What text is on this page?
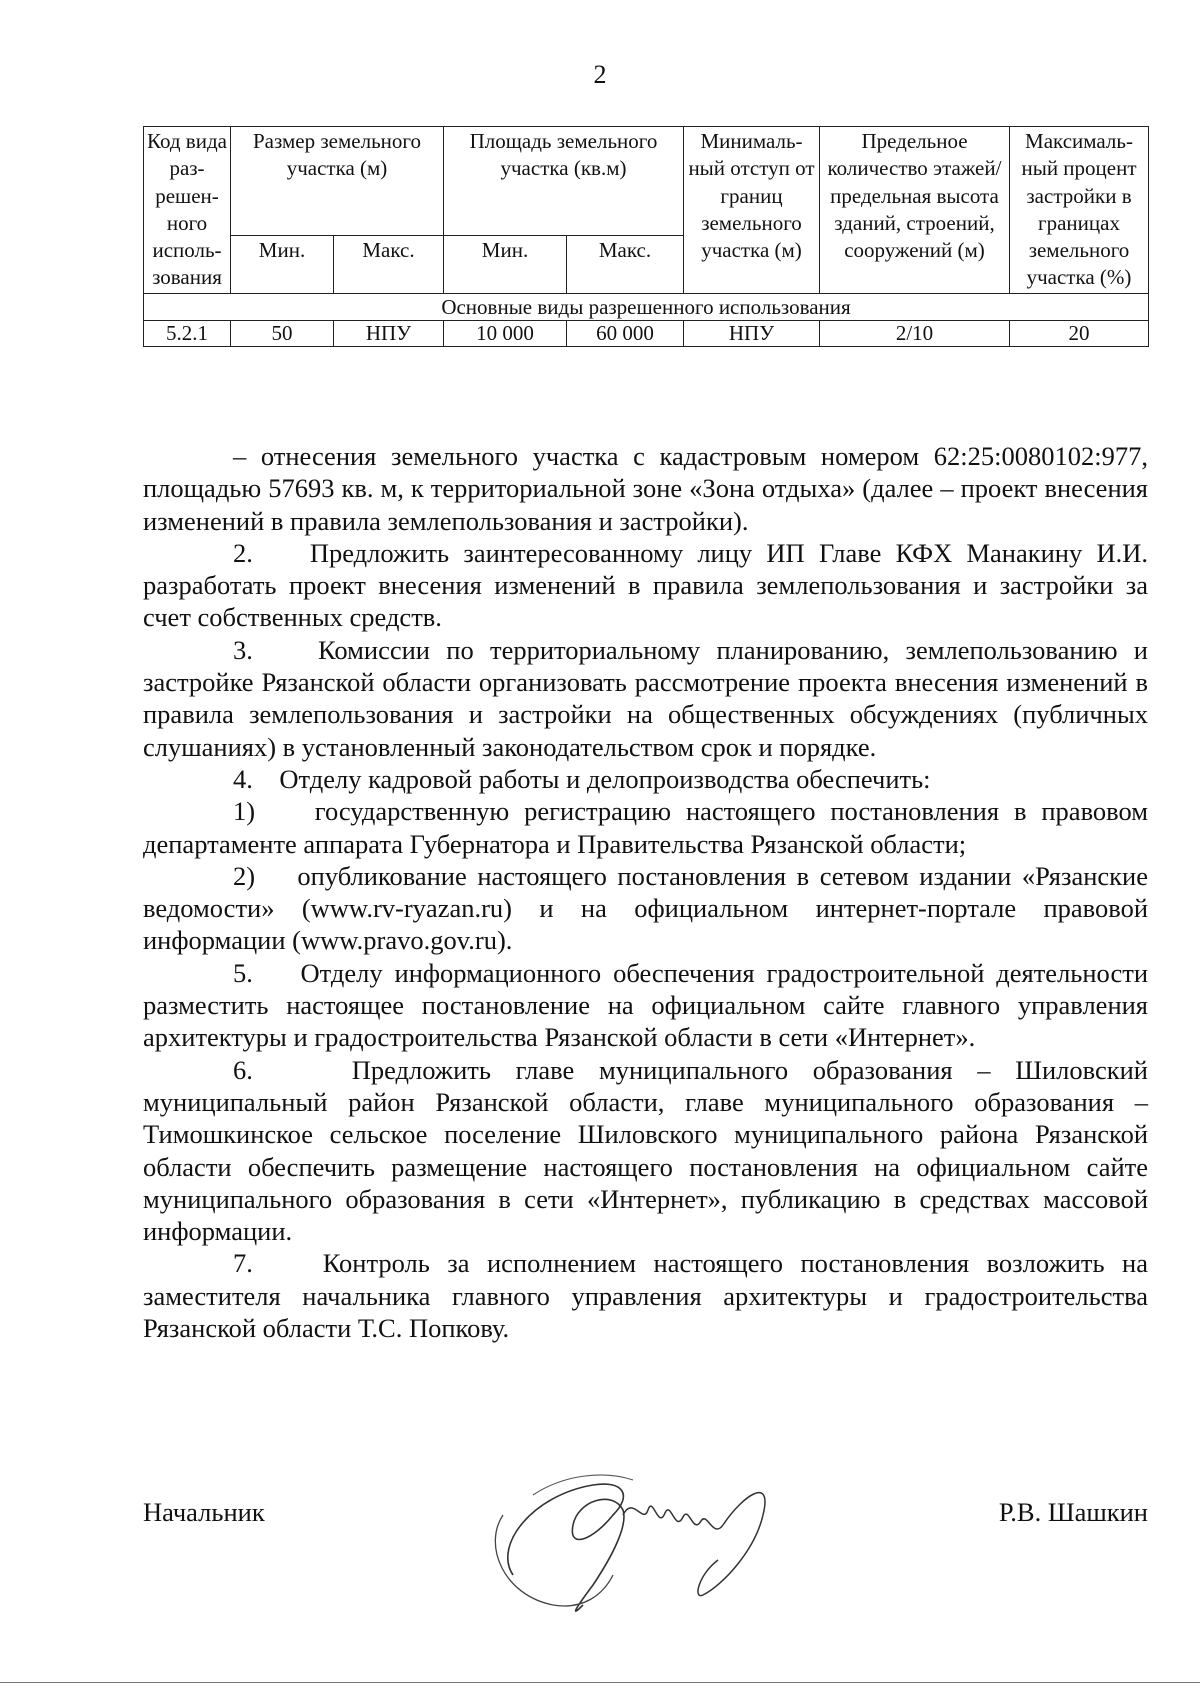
2
Код вида раз-решен-ного исполь-зования	Размер земельного участка (м)		Площадь земельного участка (кв.м)		Минималь-ный отступ от границ земельного участка (м)	Предельное количество этажей/ предельная высота зданий, строений, сооружений (м)	Максималь-ный процент застройки в границах земельного участка (%)
	Мин.	Макс.	Мин.	Макс.			
Основные виды разрешенного использования							
5.2.1	50	НПУ	10 000	60 000	НПУ	2/10	20

– отнесения земельного участка с кадастровым номером 62:25:0080102:977, площадью 57693 кв. м, к территориальной зоне «Зона отдыха» (далее – проект внесения изменений в правила землепользования и застройки).

2.    Предложить заинтересованному лицу ИП Главе КФХ Манакину И.И. разработать проект внесения изменений в правила землепользования и застройки за счет собственных средств.

3.    Комиссии по территориальному планированию, землепользованию и застройке Рязанской области организовать рассмотрение проекта внесения изменений в правила землепользования и застройки на общественных обсуждениях (публичных слушаниях) в установленный законодательством срок и порядке.

4.    Отделу кадровой работы и делопроизводства обеспечить:

1)    государственную регистрацию настоящего постановления в правовом департаменте аппарата Губернатора и Правительства Рязанской области;

2)    опубликование настоящего постановления в сетевом издании «Рязанские ведомости» (www.rv-ryazan.ru) и на официальном интернет-портале правовой информации (www.pravo.gov.ru).

5.    Отделу информационного обеспечения градостроительной деятельности разместить настоящее постановление на официальном сайте главного управления архитектуры и градостроительства Рязанской области в сети «Интернет».

6.    Предложить главе муниципального образования – Шиловский муниципальный район Рязанской области, главе муниципального образования – Тимошкинское сельское поселение Шиловского муниципального района Рязанской области обеспечить размещение настоящего постановления на официальном сайте муниципального образования в сети «Интернет», публикацию в средствах массовой информации.

7.    Контроль за исполнением настоящего постановления возложить на заместителя начальника главного управления архитектуры и градостроительства Рязанской области Т.С. Попкову.

Начальник	Р.В. Шашкин
